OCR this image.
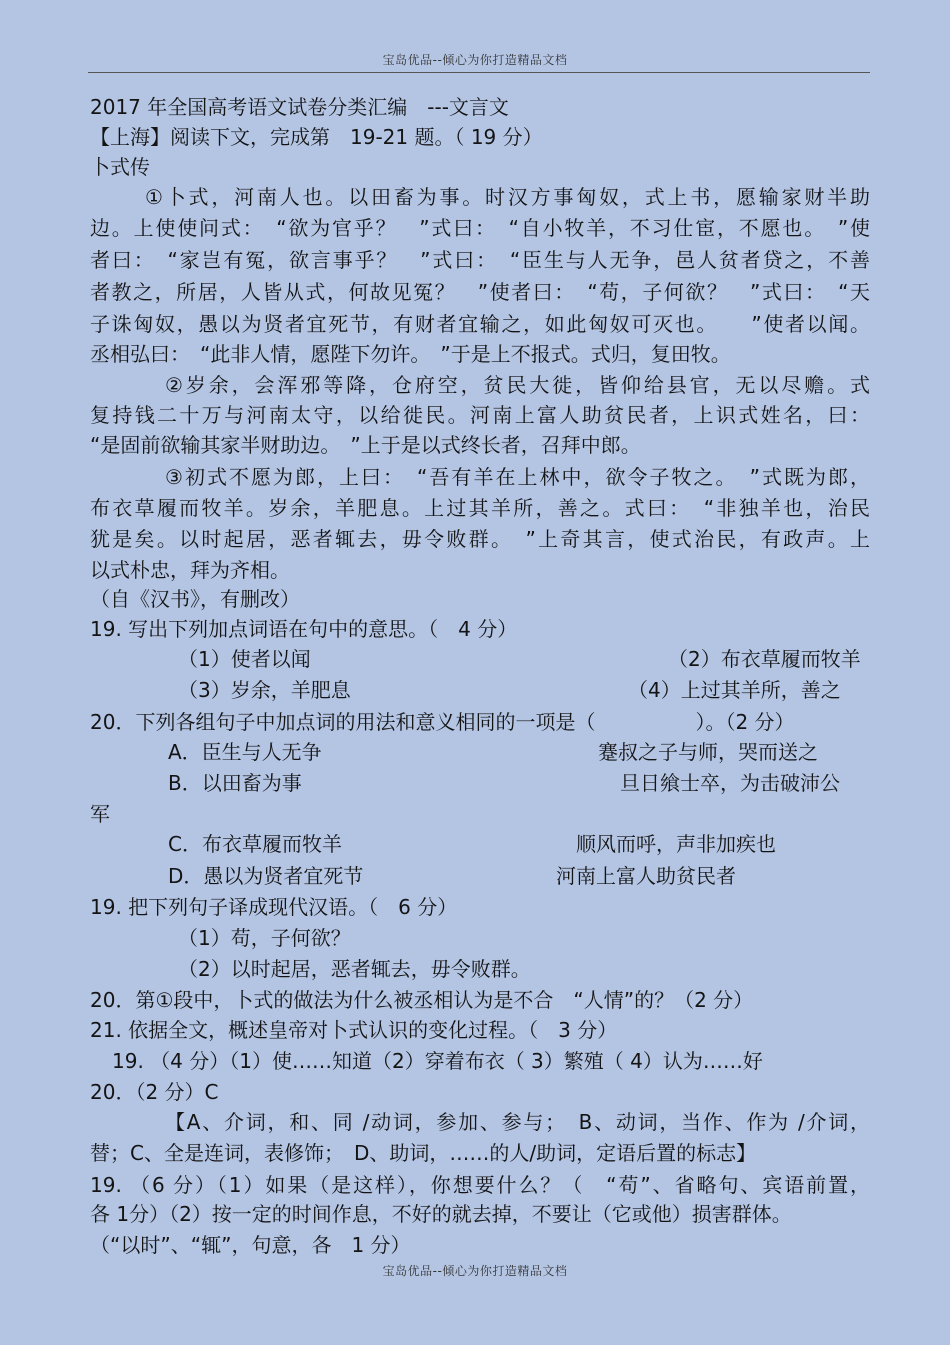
宝岛优品--倾心为你打造精品文档
2017 年全国高考语文试卷分类汇编　---文言文
【上海】阅读下文，完成第　19-21 题。（ 19 分）
卜式传
①卜式，河南人也。以田畜为事。时汉方事匈奴，式上书，愿输家财半助
边。上使使问式：　“欲为官乎？　”式曰：　“自小牧羊，不习仕宦，不愿也。　”使
者曰：　“家岂有冤，欲言事乎？　”式曰：　“臣生与人无争，邑人贫者贷之，不善
者教之，所居，人皆从式，何故见冤？　”使者曰：　“苟，子何欲？　”式曰：　“天
子诛匈奴，愚以为贤者宜死节，有财者宜输之，如此匈奴可灭也。　　”使者以闻。
丞相弘曰：　“此非人情，愿陛下勿许。　”于是上不报式。式归，复田牧。
②岁余，会浑邪等降，仓府空，贫民大徙，皆仰给县官，无以尽赡。式
复持钱二十万与河南太守，以给徙民。河南上富人助贫民者，上识式姓名，曰：
“是固前欲输其家半财助边。　”上于是以式终长者，召拜中郎。
③初式不愿为郎，上曰：　“吾有羊在上林中，欲令子牧之。　”式既为郎，
布衣草履而牧羊。岁余，羊肥息。上过其羊所，善之。式曰：　“非独羊也，治民
犹是矣。以时起居，恶者辄去，毋令败群。　”上奇其言，使式治民，有政声。上
以式朴忠，拜为齐相。
（自《汉书》，有删改）
19. 写出下列加点词语在句中的意思。（　4 分）
（1）使者以闻	（2）布衣草履而牧羊
（3）岁余，羊肥息	（4）上过其羊所，善之
20．下列各组句子中加点词的用法和意义相同的一项是（　　　　　）。（2 分）
A．臣生与人无争	蹇叔之子与师，哭而送之
B．以田畜为事	旦日飨士卒，为击破沛公
军
C．布衣草履而牧羊	顺风而呼，声非加疾也
D．愚以为贤者宜死节	河南上富人助贫民者
19. 把下列句子译成现代汉语。（　6 分）
（1）苟，子何欲？
（2）以时起居，恶者辄去，毋令败群。
20．第①段中，卜式的做法为什么被丞相认为是不合　“人情”的？（2 分）
21. 依据全文，概述皇帝对卜式认识的变化过程。（　3 分）
19. （4 分）（1）使……知道（2）穿着布衣（ 3）繁殖（ 4）认为……好
20．（2 分）C
【A、介词，和、同 /动词，参加、参与；　B、动词，当作、作为 /介词，
替；C、全是连词，表修饰；　D、助词，……的人/助词，定语后置的标志】
19. （6 分）（1）如果（是这样），你想要什么？（　“苟”、省略句、宾语前置，
各 1分）（2）按一定的时间作息，不好的就去掉，不要让（它或他）损害群体。
（“以时”、“辄”，句意，各　1 分）
宝岛优品--倾心为你打造精品文档
